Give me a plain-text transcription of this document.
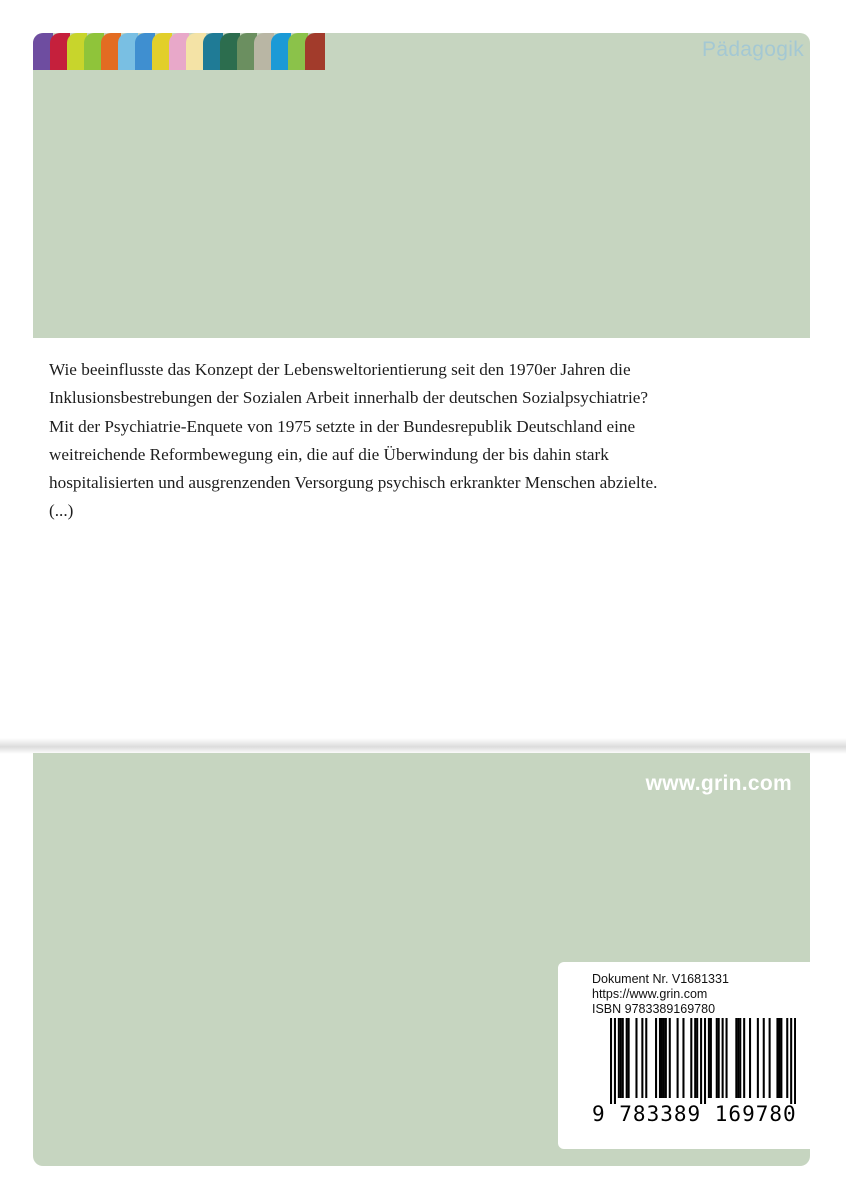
Pädagogik

Wie beeinflusste das Konzept der Lebensweltorientierung seit den 1970er Jahren die

Inklusionsbestrebungen der Sozialen Arbeit innerhalb der deutschen Sozialpsychiatrie?

Mit der Psychiatrie-Enquete von 1975 setzte in der Bundesrepublik Deutschland eine

weitreichende Reformbewegung ein, die auf die Überwindung der bis dahin stark

hospitalisierten und ausgrenzenden Versorgung psychisch erkrankter Menschen abzielte.

(...)

www.grin.com
Dokument Nr. V1681331
https://www.grin.com
ISBN 9783389169780
9 783389 169780
